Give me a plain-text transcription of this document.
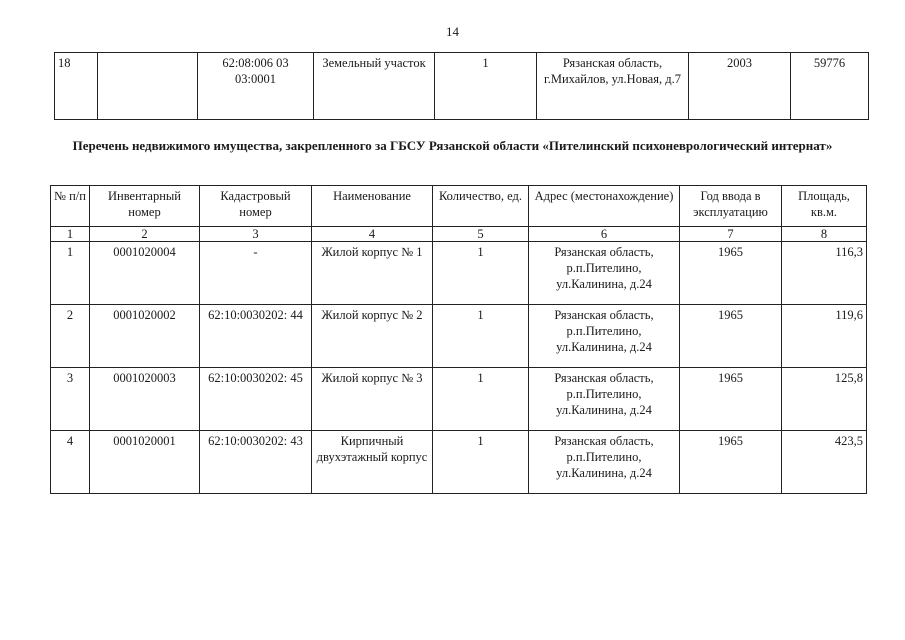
14
18		62:08:006 03 03:0001	Земельный участок	1	Рязанская область, г.Михайлов, ул.Новая, д.7	2003	59776
Перечень недвижимого имущества, закрепленного за ГБСУ Рязанской области «Пителинский психоневрологический интернат»
№ п/п	Инвентарный номер	Кадастровый номер	Наименование	Количество, ед.	Адрес (местонахождение)	Год ввода в эксплуатацию	Площадь, кв.м.
1	2	3	4	5	6	7	8
1	0001020004	-	Жилой корпус № 1	1	Рязанская область, р.п.Пителино, ул.Калинина, д.24	1965	116,3
2	0001020002	62:10:0030202: 44	Жилой корпус № 2	1	Рязанская область, р.п.Пителино, ул.Калинина, д.24	1965	119,6
3	0001020003	62:10:0030202: 45	Жилой корпус № 3	1	Рязанская область, р.п.Пителино, ул.Калинина, д.24	1965	125,8
4	0001020001	62:10:0030202: 43	Кирпичный двухэтажный корпус	1	Рязанская область, р.п.Пителино, ул.Калинина, д.24	1965	423,5
